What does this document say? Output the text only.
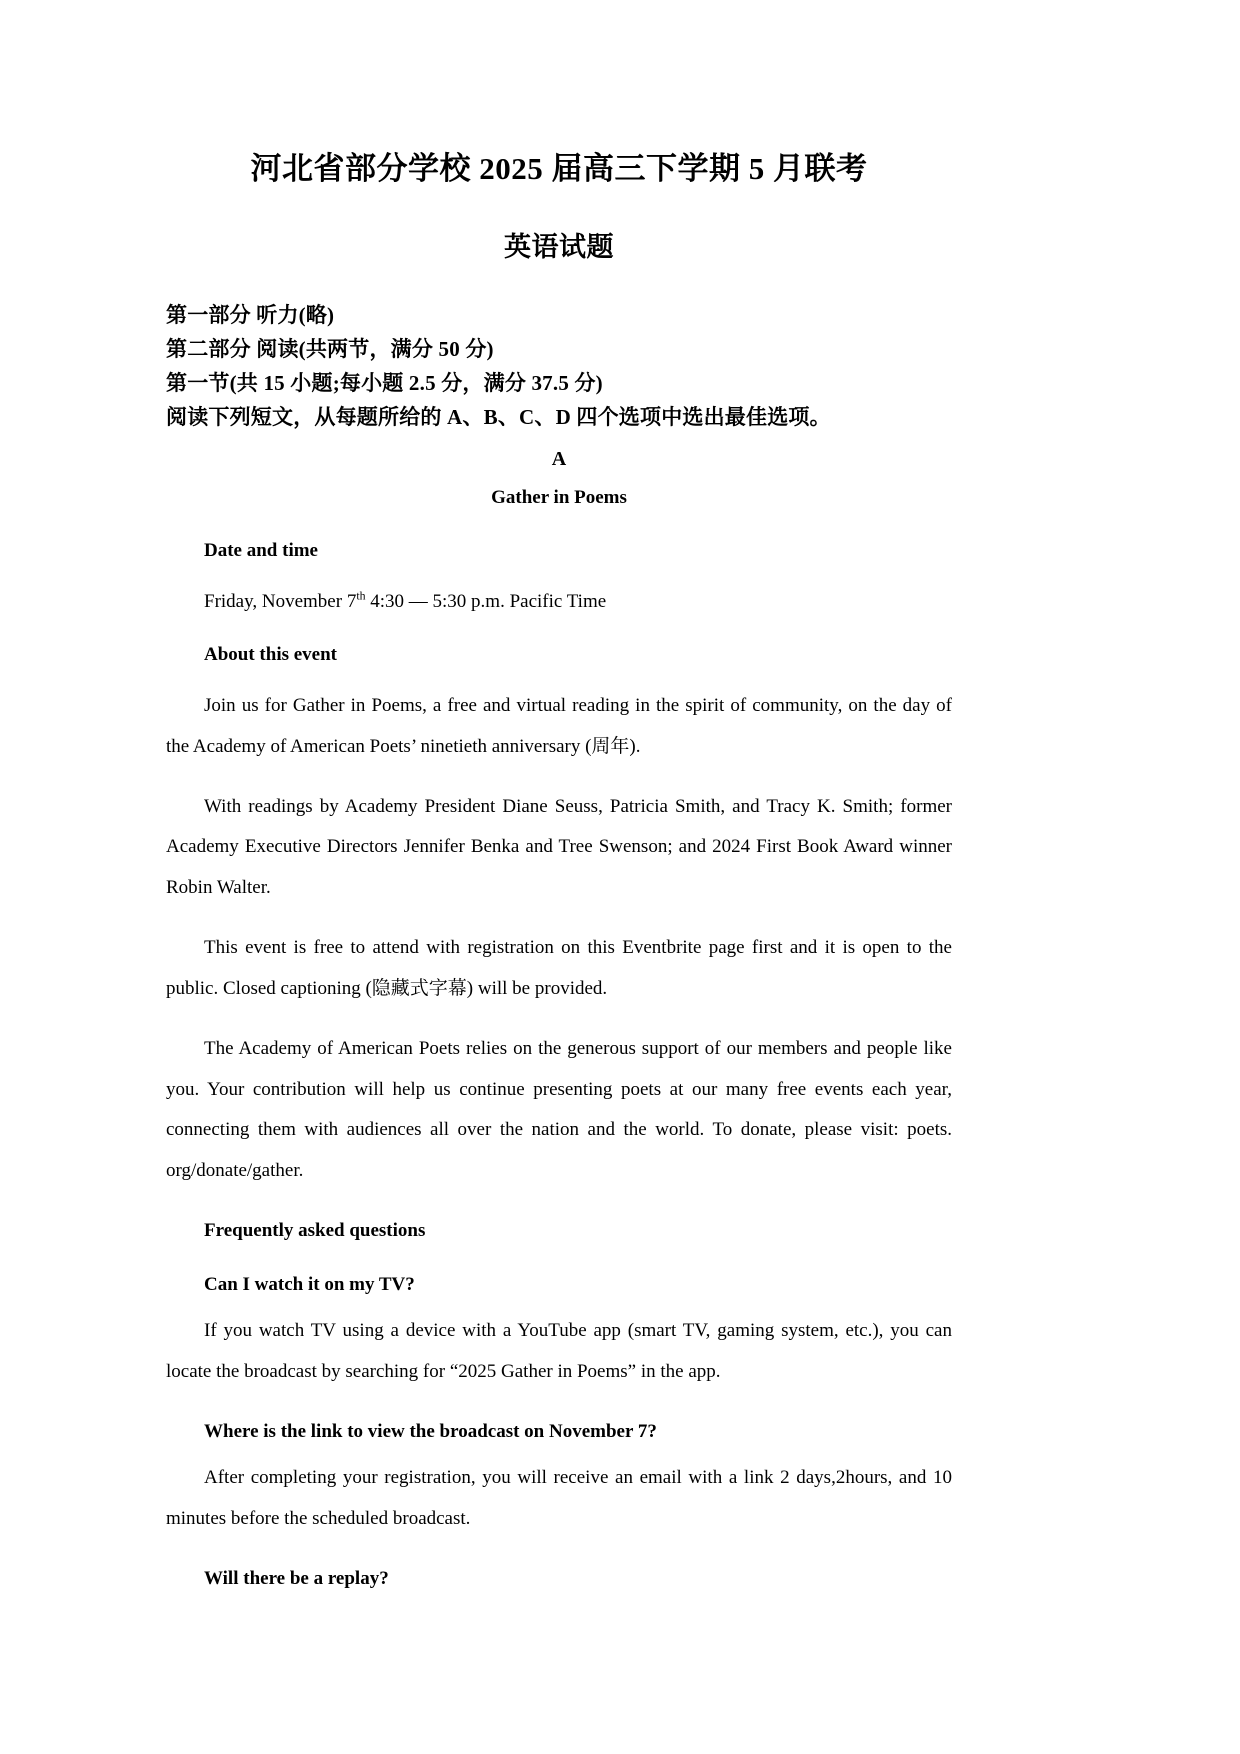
河北省部分学校 2025 届高三下学期 5 月联考
英语试题
第一部分 听力(略)
第二部分 阅读(共两节，满分 50 分)
第一节(共 15 小题;每小题 2.5 分，满分 37.5 分)
阅读下列短文，从每题所给的 A、B、C、D 四个选项中选出最佳选项。
A
Gather in Poems
Date and time
Friday, November 7th 4:30 — 5:30 p.m. Pacific Time
About this event

Join us for Gather in Poems, a free and virtual reading in the spirit of community, on the day of the Academy of American Poets’ ninetieth anniversary (周年).

With readings by Academy President Diane Seuss, Patricia Smith, and Tracy K. Smith; former Academy Executive Directors Jennifer Benka and Tree Swenson; and 2024 First Book Award winner Robin Walter.

This event is free to attend with registration on this Eventbrite page first and it is open to the public. Closed captioning (隐藏式字幕) will be provided.

The Academy of American Poets relies on the generous support of our members and people like you. Your contribution will help us continue presenting poets at our many free events each year, connecting them with audiences all over the nation and the world. To donate, please visit: poets. org/donate/gather.

Frequently asked questions
Can I watch it on my TV?

If you watch TV using a device with a YouTube app (smart TV, gaming system, etc.), you can locate the broadcast by searching for “2025 Gather in Poems” in the app.

Where is the link to view the broadcast on November 7?

After completing your registration, you will receive an email with a link 2 days,2hours, and 10 minutes before the scheduled broadcast.

Will there be a replay?
